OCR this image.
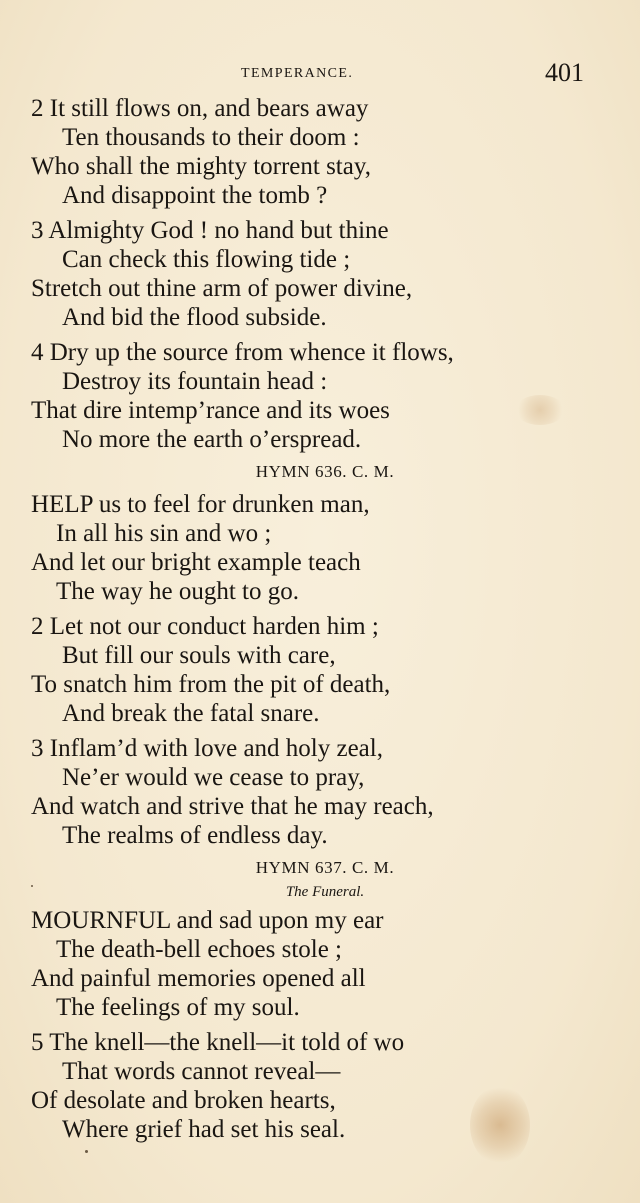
TEMPERANCE.	401
2 It still flows on, and bears away
Ten thousands to their doom :
Who shall the mighty torrent stay,
And disappoint the tomb ?
3 Almighty God ! no hand but thine
Can check this flowing tide ;
Stretch out thine arm of power divine,
And bid the flood subside.
4 Dry up the source from whence it flows,
Destroy its fountain head :
That dire intemp’rance and its woes
No more the earth o’erspread.
HYMN 636. C. M.
HELP us to feel for drunken man,
In all his sin and wo ;
And let our bright example teach
The way he ought to go.
2 Let not our conduct harden him ;
But fill our souls with care,
To snatch him from the pit of death,
And break the fatal snare.
3 Inflam’d with love and holy zeal,
Ne’er would we cease to pray,
And watch and strive that he may reach,
The realms of endless day.
HYMN 637. C. M.
The Funeral.
MOURNFUL and sad upon my ear
The death-bell echoes stole ;
And painful memories opened all
The feelings of my soul.
5 The knell—the knell—it told of wo
That words cannot reveal—
Of desolate and broken hearts,
Where grief had set his seal.
